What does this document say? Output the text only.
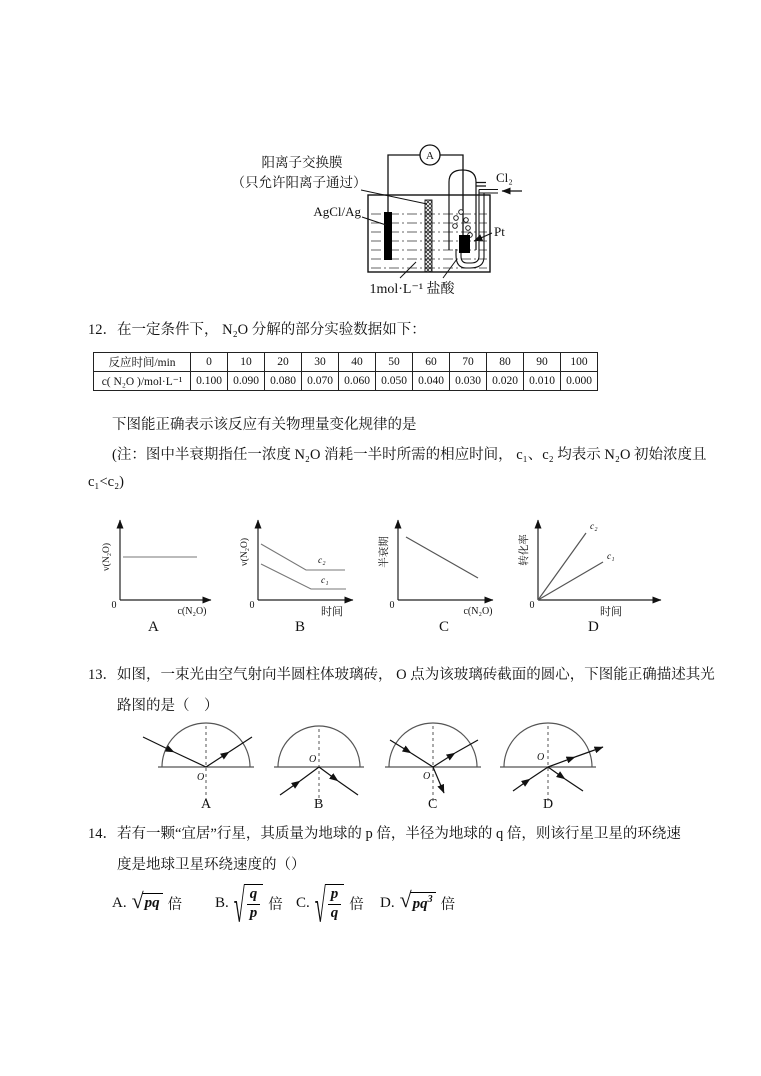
A
阳离子交换膜
（只允许阳离子通过）
AgCl/Ag
Cl₂
Pt
1mol·L⁻¹ 盐酸
12．在一定条件下， N₂O 分解的部分实验数据如下：
反应时间/min	0	10	20	30	40	50	60	70	80	90	100
c( N₂O )/mol·L⁻¹	0.100	0.090	0.080	0.070	0.060	0.050	0.040	0.030	0.020	0.010	0.000
下图能正确表示该反应有关物理量变化规律的是
(注：图中半衰期指任一浓度 N₂O 消耗一半时所需的相应时间， c₁、c₂ 均表示 N₂O 初始浓度且
c₁<c₂)
0
v(N₂O)
c(N₂O)
A
c₂
c₁
0
v(N₂O)
时间
B
0
半衰期
c(N₂O)
C
c₂
c₁
0
转化率
时间
D
13．如图，一束光由空气射向半圆柱体玻璃砖， O 点为该玻璃砖截面的圆心，下图能正确描述其光
路图的是（　）
O
A
O
B
O
C
O
D
14．若有一颗“宜居”行星，其质量为地球的 p 倍，半径为地球的 q 倍，则该行星卫星的环绕速
度是地球卫星环绕速度的（）
A. √ pq 倍 B. √ $\frac{q}{p}$ 倍 C. √ $\frac{p}{q}$ 倍 D. √ $pq^3$ 倍
